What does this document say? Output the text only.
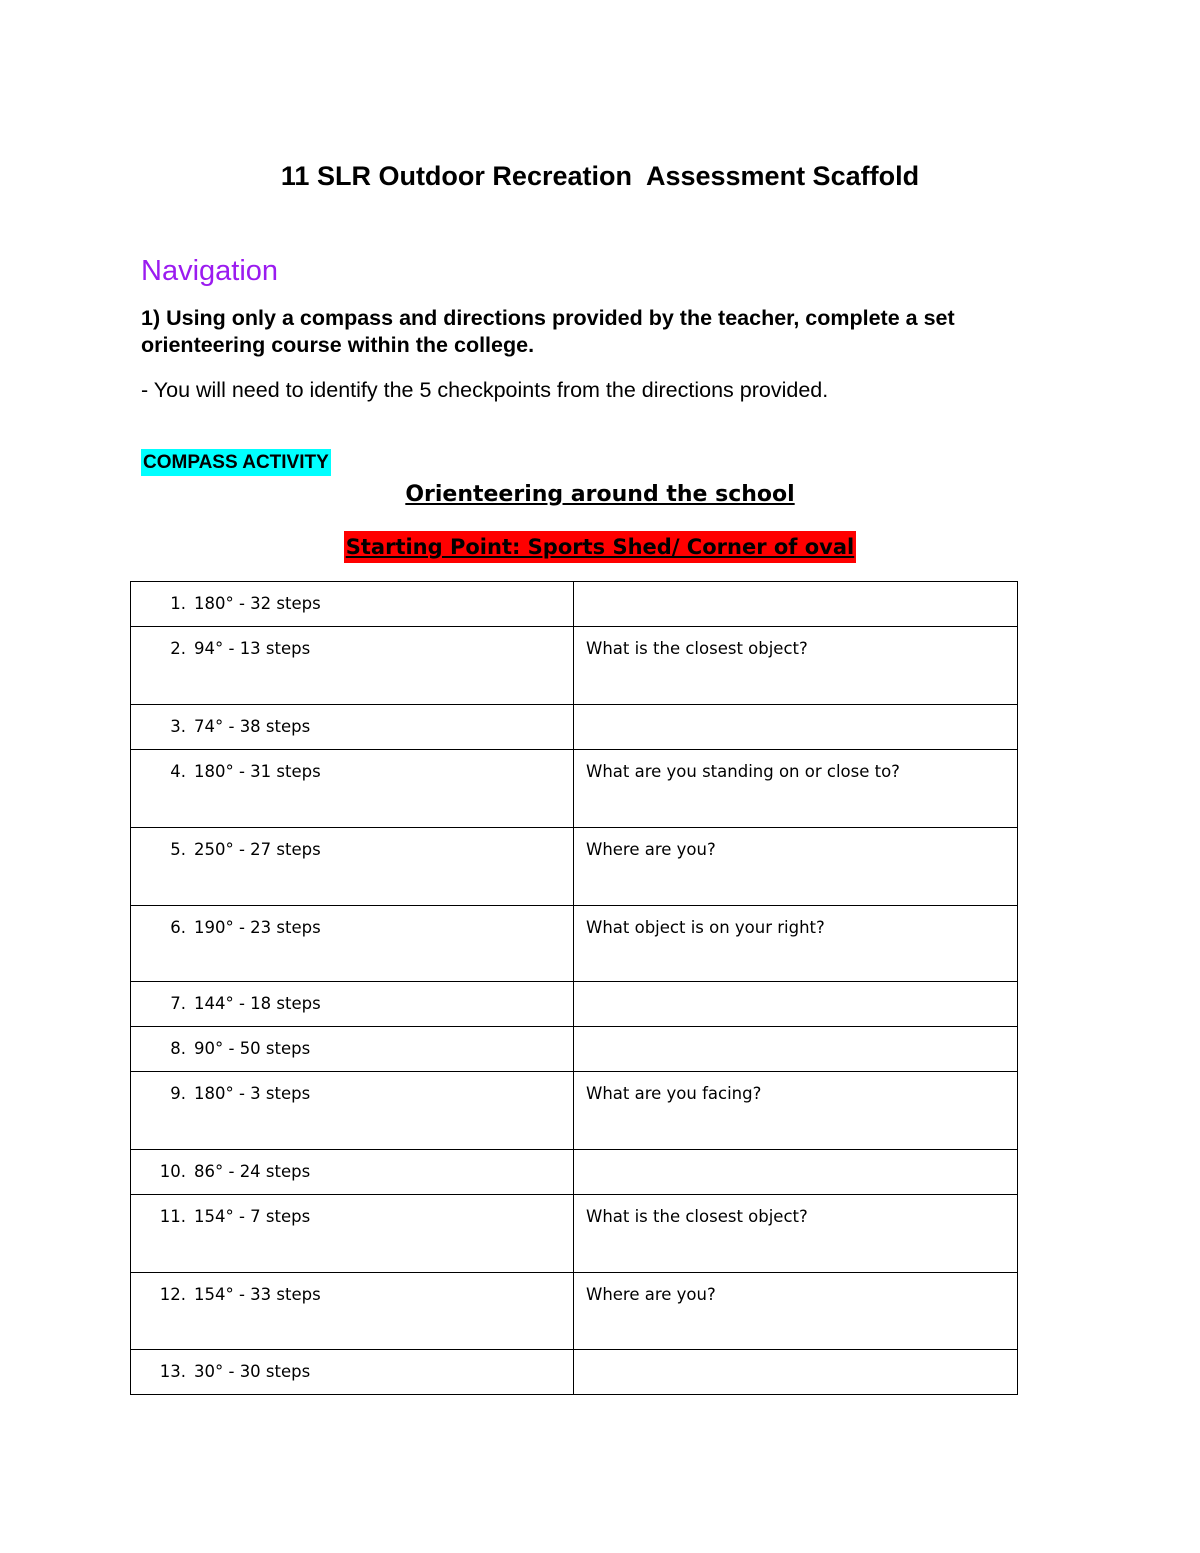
11 SLR Outdoor Recreation  Assessment Scaffold
Navigation
1) Using only a compass and directions provided by the teacher, complete a set orienteering course within the college.
- You will need to identify the 5 checkpoints from the directions provided.
COMPASS ACTIVITY
Orienteering around the school
Starting Point: Sports Shed/ Corner of oval
1. 180° - 32 steps	
2. 94° - 13 steps	What is the closest object?
3. 74° - 38 steps	
4. 180° - 31 steps	What are you standing on or close to?
5. 250° - 27 steps	Where are you?
6. 190° - 23 steps	What object is on your right?
7. 144° - 18 steps	
8. 90° - 50 steps	
9. 180° - 3 steps	What are you facing?
10. 86° - 24 steps	
11. 154° - 7 steps	What is the closest object?
12. 154° - 33 steps	Where are you?
13. 30° - 30 steps	
